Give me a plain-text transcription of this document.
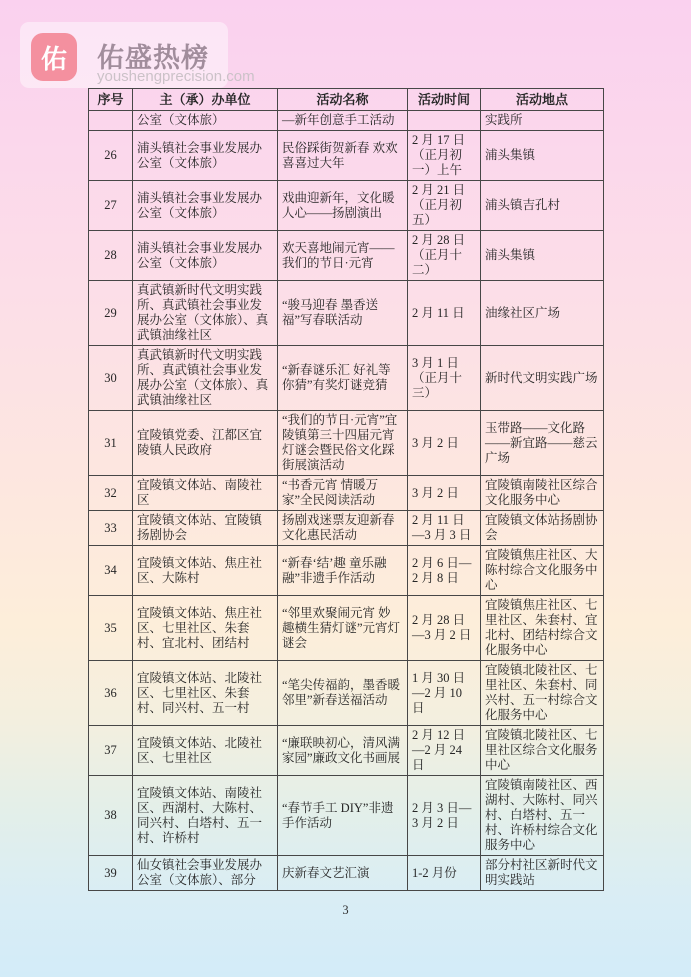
佑 佑盛热榜
youshengprecision.com
序号	主（承）办单位	活动名称	活动时间	活动地点
	公室（文体旅）	—新年创意手工活动		实践所
26	浦头镇社会事业发展办公室（文体旅）	民俗踩街贺新春 欢欢喜喜过大年	2 月 17 日（正月初一）上午	浦头集镇
27	浦头镇社会事业发展办公室（文体旅）	戏曲迎新年，文化暖人心——扬剧演出	2 月 21 日（正月初五）	浦头镇吉孔村
28	浦头镇社会事业发展办公室（文体旅）	欢天喜地闹元宵——我们的节日·元宵	2 月 28 日（正月十二）	浦头集镇
29	真武镇新时代文明实践所、真武镇社会事业发展办公室（文体旅）、真武镇油缘社区	“骏马迎春 墨香送福”写春联活动	2 月 11 日	油缘社区广场
30	真武镇新时代文明实践所、真武镇社会事业发展办公室（文体旅）、真武镇油缘社区	“新春谜乐汇 好礼等你猜”有奖灯谜竞猜	3 月 1 日（正月十三）	新时代文明实践广场
31	宜陵镇党委、江都区宜陵镇人民政府	“我们的节日·元宵”宜陵镇第三十四届元宵灯谜会暨民俗文化踩街展演活动	3 月 2 日	玉带路——文化路——新宜路——慈云广场
32	宜陵镇文体站、南陵社区	“书香元宵 情暖万家”全民阅读活动	3 月 2 日	宜陵镇南陵社区综合文化服务中心
33	宜陵镇文体站、宜陵镇扬剧协会	扬剧戏迷票友迎新春文化惠民活动	2 月 11 日—3 月 3 日	宜陵镇文体站扬剧协会
34	宜陵镇文体站、焦庄社区、大陈村	“新春‘结’趣 童乐融融”非遗手作活动	2 月 6 日—2 月 8 日	宜陵镇焦庄社区、大陈村综合文化服务中心
35	宜陵镇文体站、焦庄社区、七里社区、朱套村、宜北村、团结村	“邻里欢聚闹元宵 妙趣横生猜灯谜”元宵灯谜会	2 月 28 日—3 月 2 日	宜陵镇焦庄社区、七里社区、朱套村、宜北村、团结村综合文化服务中心
36	宜陵镇文体站、北陵社区、七里社区、朱套村、同兴村、五一村	“笔尖传福韵，墨香暖邻里”新春送福活动	1 月 30 日—2 月 10 日	宜陵镇北陵社区、七里社区、朱套村、同兴村、五一村综合文化服务中心
37	宜陵镇文体站、北陵社区、七里社区	“廉联映初心，清风满家园”廉政文化书画展	2 月 12 日—2 月 24 日	宜陵镇北陵社区、七里社区综合文化服务中心
38	宜陵镇文体站、南陵社区、西湖村、大陈村、同兴村、白塔村、五一村、许桥村	“春节手工 DIY”非遗手作活动	2 月 3 日—3 月 2 日	宜陵镇南陵社区、西湖村、大陈村、同兴村、白塔村、五一村、许桥村综合文化服务中心
39	仙女镇社会事业发展办公室（文体旅）、部分	庆新春文艺汇演	1-2 月份	部分村社区新时代文明实践站
3
